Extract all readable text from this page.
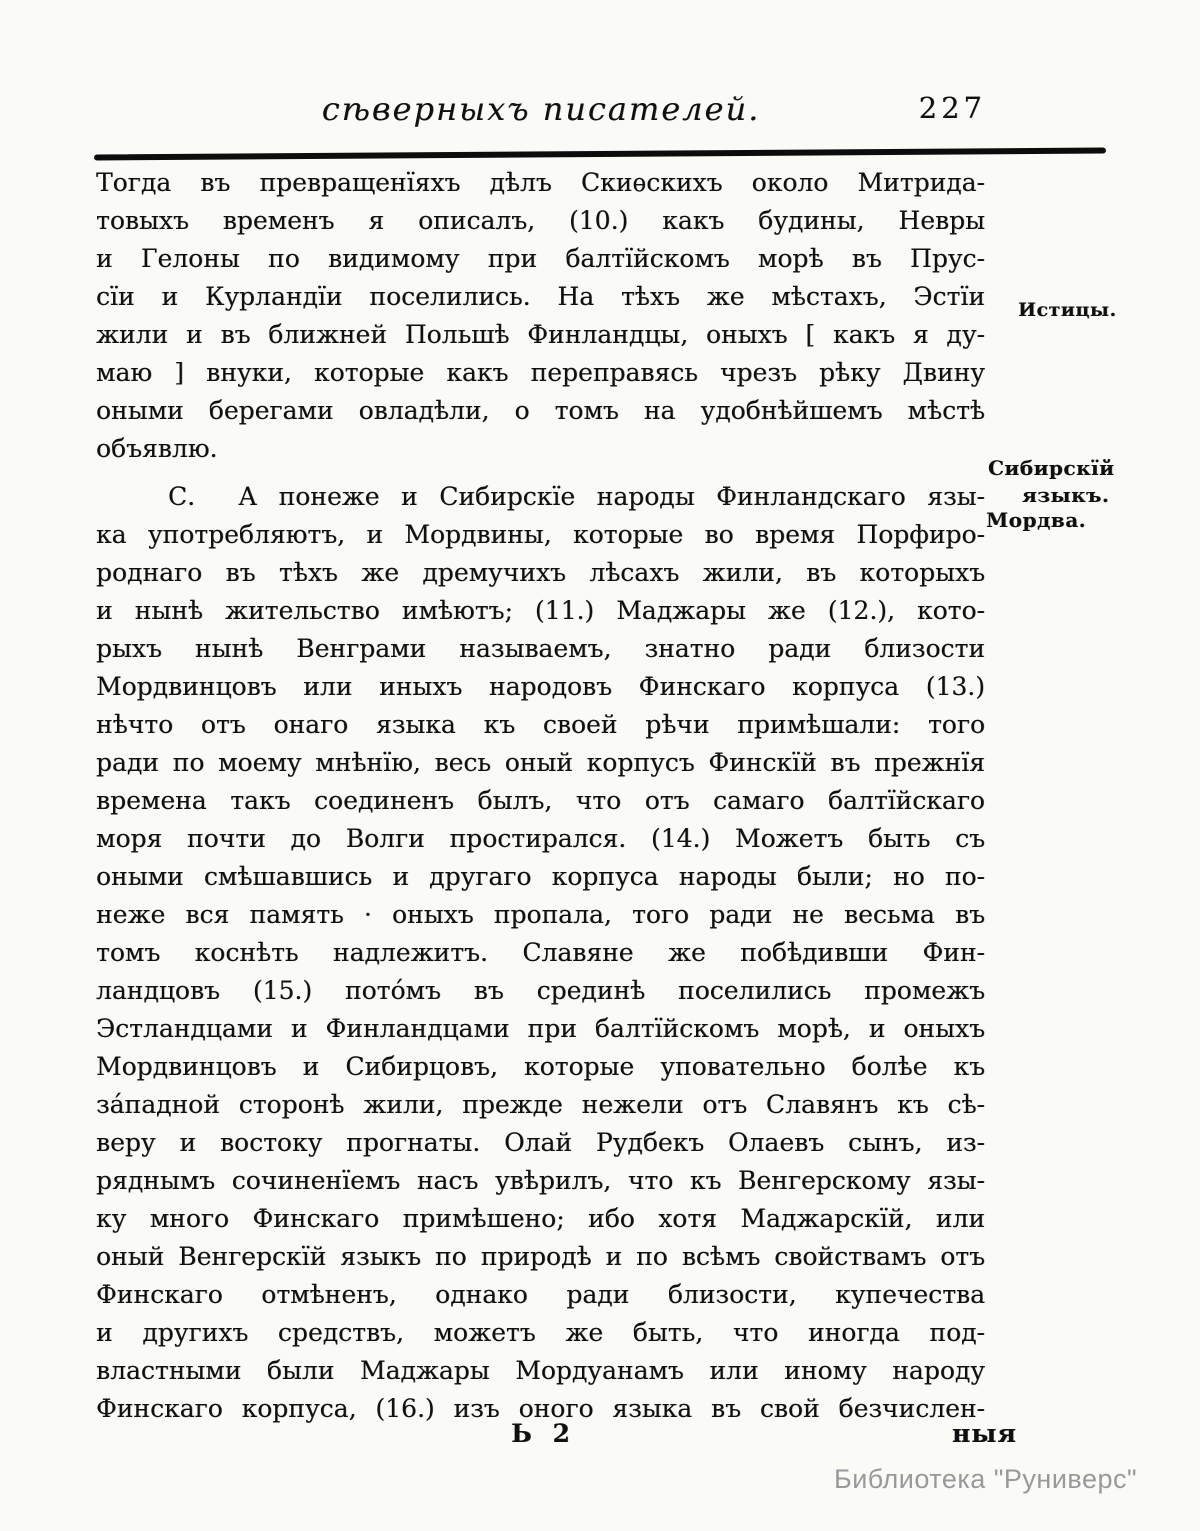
сѣверныхъ писателей.	227
Тогда въ превращенїяхъ дѣлъ Скиѳскихъ около Митрида-
товыхъ временъ я описалъ, (10.) какъ будины, Невры
и Гелоны по видимому при балтїйскомъ морѣ въ Прус-
сїи и Курландїи поселились. На тѣхъ же мѣстахъ, Эстїи
жили и въ ближней Польшѣ Финландцы, оныхъ [ какъ я ду-
маю ] внуки, которые какъ переправясь чрезъ рѣку Двину
оными берегами овладѣли, о томъ на удобнѣйшемъ мѣстѣ
объявлю.
С.  А понеже и Сибирскїе народы Финландскаго язы-
ка употребляютъ, и Мордвины, которые во время Порфиро-
роднаго въ тѣхъ же дремучихъ лѣсахъ жили, въ которыхъ
и нынѣ жительство имѣютъ; (11.) Маджары же (12.), кото-
рыхъ нынѣ Венграми называемъ, знатно ради близости
Мордвинцовъ или иныхъ народовъ Финскаго корпуса (13.)
нѣчто отъ онаго языка къ своей рѣчи примѣшали: того
ради по моему мнѣнїю, весь оный корпусъ Финскїй въ прежнїя
времена такъ соединенъ былъ, что отъ самаго балтїйскаго
моря почти до Волги простирался. (14.) Можетъ быть съ
оными смѣшавшись и другаго корпуса народы были; но по-
неже вся память · оныхъ пропала, того ради не весьма въ
томъ коснѣть надлежитъ. Славяне же побѣдивши Фин-
ландцовъ (15.) пото́мъ въ срединѣ поселились промежъ
Эстландцами и Финландцами при балтїйскомъ морѣ, и оныхъ
Мордвинцовъ и Сибирцовъ, которые уповательно болѣе къ
за́падной сторонѣ жили, прежде нежели отъ Славянъ къ сѣ-
веру и востоку прогнаты. Олай Рудбекъ Олаевъ сынъ, из-
ряднымъ сочиненїемъ насъ увѣрилъ, что къ Венгерскому язы-
ку много Финскаго примѣшено; ибо хотя Маджарскїй, или
оный Венгерскїй языкъ по природѣ и по всѣмъ свойствамъ отъ
Финскаго отмѣненъ, однако ради близости, купечества
и другихъ средствъ, можетъ же быть, что иногда под-
властными были Маджары Мордуанамъ или иному народу
Финскаго корпуса, (16.) изъ оного языка въ свой безчислен-
Истицы.
Сибирскїй
языкъ.
Мордва.
Ь 2	ныя
Библиотека "Руниверс"
